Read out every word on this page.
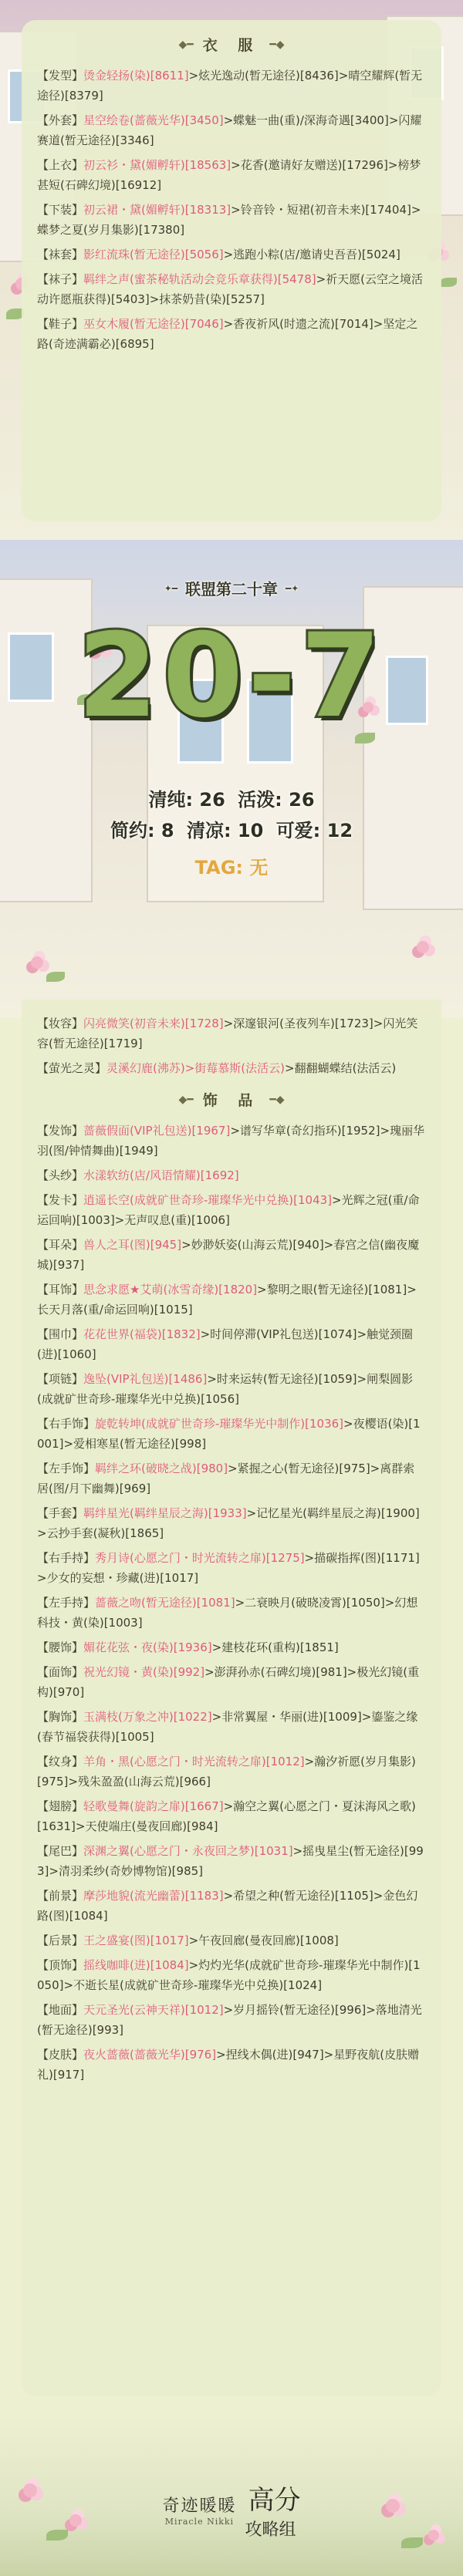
◆━ 衣 服 ━◆
【发型】烫金轻扬(染)[8611]>炫光逸动(暂无途径)[8436]>晴空耀辉(暂无途径)[8379]
【外套】星空绘卷(蔷薇光华)[3450]>蝶魅一曲(重)/深海奇遇[3400]>闪耀赛道(暂无途径)[3346]
【上衣】初云衫・黛(媚孵轩)[18563]>花香(邀请好友赠送)[17296]>榜梦甚短(石碑幻境)[16912]
【下装】初云裙・黛(媚孵轩)[18313]>铃音铃・短裙(初音未来)[17404]>蝶梦之夏(岁月集影)[17380]
【袜套】影红流珠(暂无途径)[5056]>逃跑小粽(店/邀请史吾吾)[5024]
【袜子】羁绊之声(蜜茶秘轨活动会竞乐章获得)[5478]>祈天愿(云空之境活动许愿瓶获得)[5403]>抹茶奶昔(染)[5257]
【鞋子】巫女木履(暂无途径)[7046]>香夜祈风(时遗之流)[7014]>坚定之路(奇迹满霸必)[6895]
✦━ 联盟第二十章 ━✦
20-7
清纯: 26 活泼: 26
简约: 8 清凉: 10 可爱: 12
TAG: 无
【妆容】闪亮微笑(初音未来)[1728]>深邃银河(圣夜列车)[1723]>闪光笑容(暂无途径)[1719]
【萤光之灵】灵溪幻鹿(沸苏)>街莓慕斯(法活云)>翻翻蝴蝶结(法活云)
◆━ 饰 品 ━◆
【发饰】蔷薇假面(VIP礼包送)[1967]>谱写华章(奇幻指环)[1952]>瑰丽华羽(图/钟情舞曲)[1949]
【头纱】水漾软纺(店/风语情耀)[1692]
【发卡】逍遥长空(成就矿世奇珍-璀璨华光中兑换)[1043]>光辉之冠(重/命运回响)[1003]>无声叹息(重)[1006]
【耳朵】兽人之耳(图)[945]>妙渺妖姿(山海云荒)[940]>春宫之信(幽夜魔城)[937]
【耳饰】思念求愿★艾萌(冰雪奇缘)[1820]>黎明之眼(暂无途径)[1081]>长天月落(重/命运回响)[1015]
【围巾】花花世界(福袋)[1832]>时间停滞(VIP礼包送)[1074]>触觉颈圈(进)[1060]
【项链】逸坠(VIP礼包送)[1486]>时来运转(暂无途径)[1059]>闸梨圆影(成就矿世奇珍-璀璨华光中兑换)[1056]
【右手饰】旋乾转坤(成就矿世奇珍-璀璨华光中制作)[1036]>夜樱语(染)[1001]>爱相寒星(暂无途径)[998]
【左手饰】羁绊之环(破晓之战)[980]>紧握之心(暂无途径)[975]>离群索居(图/月下幽舞)[969]
【手套】羁绊星光(羁绊星辰之海)[1933]>记忆星光(羁绊星辰之海)[1900]>云抄手套(凝秋)[1865]
【右手持】秀月诗(心愿之门・时光流转之扉)[1275]>描碳指挥(图)[1171]>少女的妄想・珍藏(进)[1017]
【左手持】蔷薇之吻(暂无途径)[1081]>二衰映月(破晓凌霄)[1050]>幻想科技・黄(染)[1003]
【腰饰】媚花花弦・夜(染)[1936]>建枝花环(重构)[1851]
【面饰】祝光幻镜・黄(染)[992]>澎湃孙赤(石碑幻境)[981]>极光幻镜(重构)[970]
【胸饰】玉满枝(万象之冲)[1022]>非常翼屋・华丽(进)[1009]>鎏鉴之缘(春节福袋获得)[1005]
【纹身】羊角・黑(心愿之门・时光流转之扉)[1012]>瀚汐祈愿(岁月集影)[975]>残朱盈盈(山海云荒)[966]
【翅膀】轻歌曼舞(旋韵之扉)[1667]>瀚空之翼(心愿之门・夏沫海风之歌)[1631]>天使端庄(曼夜回廊)[984]
【尾巴】深渊之翼(心愿之门・永夜回之梦)[1031]>摇曳星尘(暂无途径)[993]>清羽柔纱(奇妙博物馆)[985]
【前景】摩莎地貌(流光幽蕾)[1183]>希望之种(暂无途径)[1105]>金色幻路(图)[1084]
【后景】王之盛宴(图)[1017]>午夜回廊(曼夜回廊)[1008]
【顶饰】摇线咖啡(进)[1084]>灼灼光华(成就矿世奇珍-璀璨华光中制作)[1050]>不逝长星(成就矿世奇珍-璀璨华光中兑换)[1024]
【地面】天元圣光(云神天祥)[1012]>岁月摇铃(暂无途径)[996]>落地清光(暂无途径)[993]
【皮肤】夜火蔷薇(蔷薇光华)[976]>捏线木偶(进)[947]>星野夜航(皮肤赠礼)[917]
奇迹暖暖
Miracle Nikki

高分
攻略组
